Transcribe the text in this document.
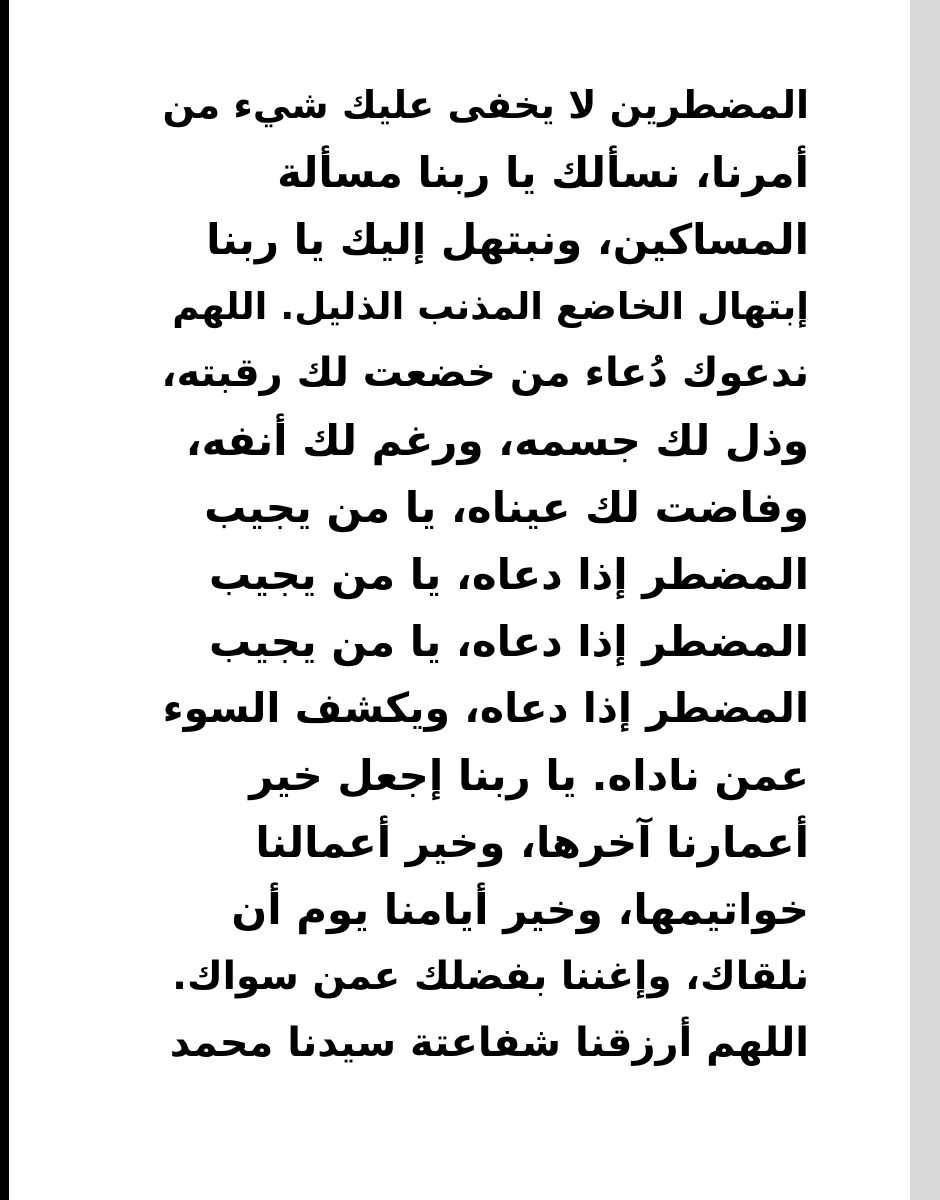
المضطرين لا يخفى عليك شيء من
أمرنا، نسألك يا ربنا مسألة
المساكين، ونبتهل إليك يا ربنا
إبتهال الخاضع المذنب الذليل. اللهم
ندعوك دُعاء من خضعت لك رقبته،
وذل لك جسمه، ورغم لك أنفه،
وفاضت لك عيناه، يا من يجيب
المضطر إذا دعاه، يا من يجيب
المضطر إذا دعاه، يا من يجيب
المضطر إذا دعاه، ويكشف السوء
عمن ناداه. يا ربنا إجعل خير
أعمارنا آخرها، وخير أعمالنا
خواتيمها، وخير أيامنا يوم أن
نلقاك، وإغننا بفضلك عمن سواك.
اللهم أرزقنا شفاعتة سيدنا محمد
